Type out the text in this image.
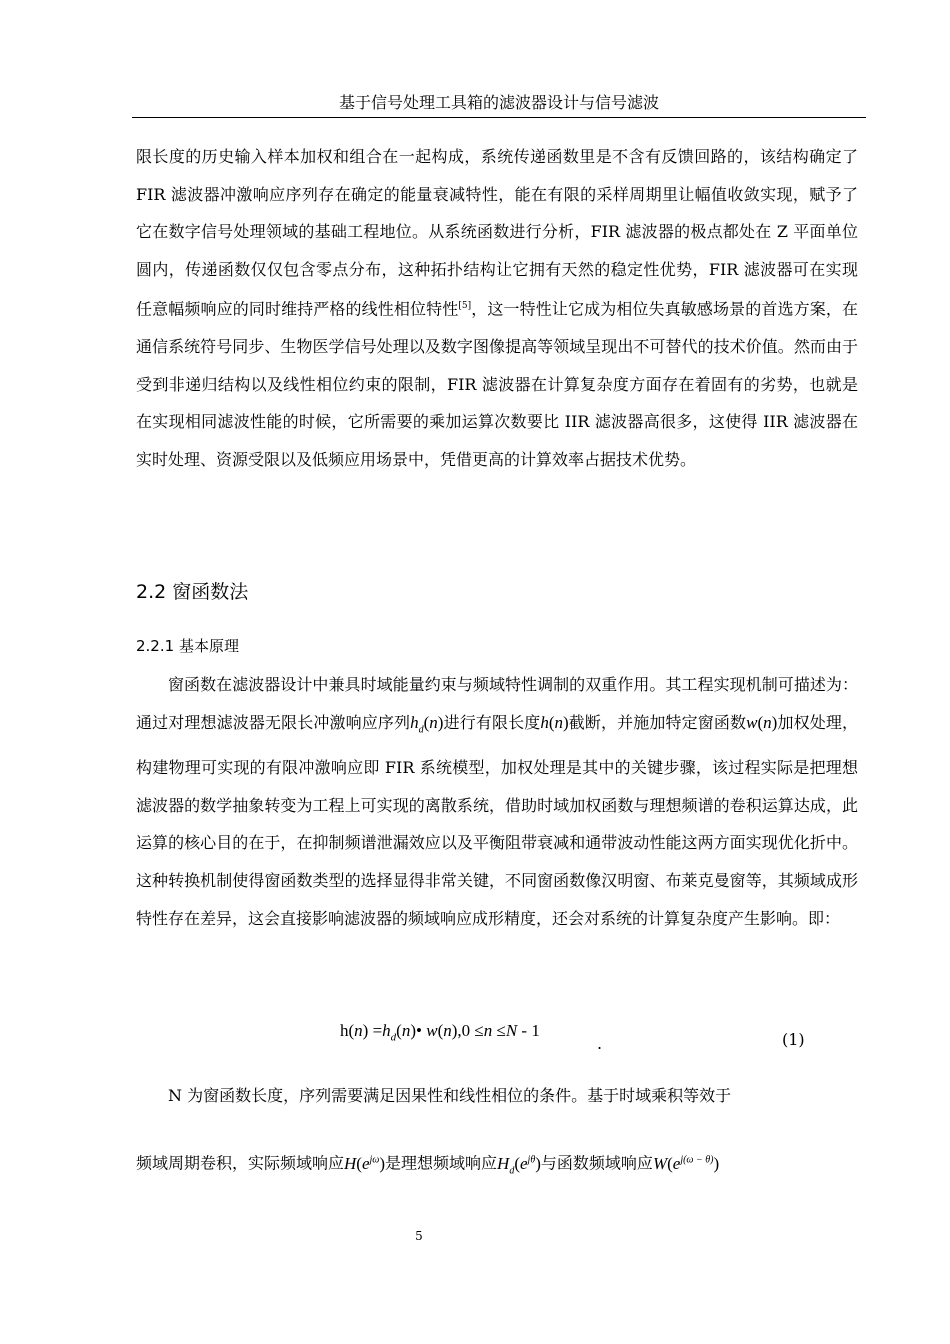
基于信号处理工具箱的滤波器设计与信号滤波
限长度的历史输入样本加权和组合在一起构成，系统传递函数里是不含有反馈回路的，该结构确定了 FIR 滤波器冲激响应序列存在确定的能量衰减特性，能在有限的采样周期里让幅值收敛实现，赋予了它在数字信号处理领域的基础工程地位。从系统函数进行分析，FIR 滤波器的极点都处在 Z 平面单位圆内，传递函数仅仅包含零点分布，这种拓扑结构让它拥有天然的稳定性优势，FIR 滤波器可在实现任意幅频响应的同时维持严格的线性相位特性[5]，这一特性让它成为相位失真敏感场景的首选方案，在通信系统符号同步、生物医学信号处理以及数字图像提高等领域呈现出不可替代的技术价值。然而由于受到非递归结构以及线性相位约束的限制，FIR 滤波器在计算复杂度方面存在着固有的劣势，也就是在实现相同滤波性能的时候，它所需要的乘加运算次数要比 IIR 滤波器高很多，这使得 IIR 滤波器在实时处理、资源受限以及低频应用场景中，凭借更高的计算效率占据技术优势。
2.2 窗函数法
2.2.1 基本原理
窗函数在滤波器设计中兼具时域能量约束与频域特性调制的双重作用。其工程实现机制可描述为：通过对理想滤波器无限长冲激响应序列$h_d(n)$进行有限长度h(n)截断，并施加特定窗函数w(n)加权处理，构建物理可实现的有限冲激响应即 FIR 系统模型，加权处理是其中的关键步骤，该过程实际是把理想滤波器的数学抽象转变为工程上可实现的离散系统，借助时域加权函数与理想频谱的卷积运算达成，此运算的核心目的在于，在抑制频谱泄漏效应以及平衡阻带衰减和通带波动性能这两方面实现优化折中。这种转换机制使得窗函数类型的选择显得非常关键，不同窗函数像汉明窗、布莱克曼窗等，其频域成形特性存在差异，这会直接影响滤波器的频域响应成形精度，还会对系统的计算复杂度产生影响。即：
$h(n) =h_d(n)•$ w(n),0 ≤n ≤N - 1
.	(1)
N 为窗函数长度，序列需要满足因果性和线性相位的条件。基于时域乘积等效于
频域周期卷积，实际频域响应$H(e^{j\omega})$是理想频域响应$H_d(e^{j\theta})$与函数频域响应$W(e^{j(\omega - \theta)})$
5
